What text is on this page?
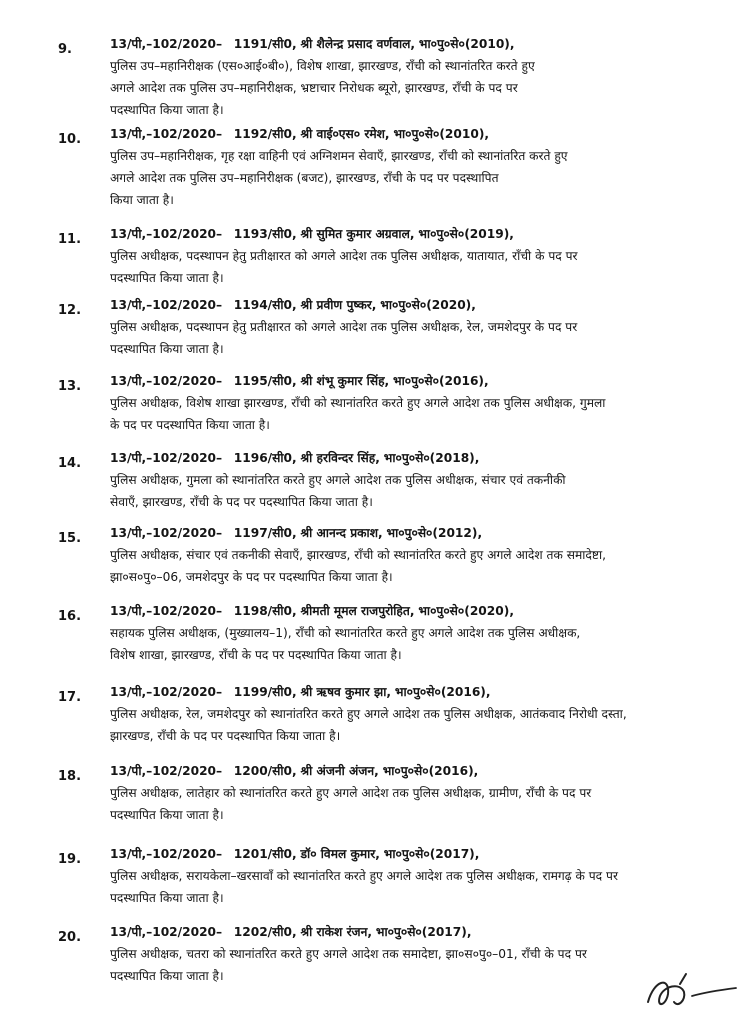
9.	13/पी,–102/2020– 1191/सी0, श्री शैलेन्द्र प्रसाद वर्णवाल, भा०पु०से०(2010),
पुलिस उप–महानिरीक्षक (एस०आई०बी०), विशेष शाखा, झारखण्ड, राँची को स्थानांतरित करते हुए
अगले आदेश तक पुलिस उप–महानिरीक्षक, भ्रष्टाचार निरोधक ब्यूरो, झारखण्ड, राँची के पद पर
पदस्थापित किया जाता है।
10. 13/पी,–102/2020– 1192/सी0, श्री वाई०एस० रमेश, भा०पु०से०(2010),
पुलिस उप–महानिरीक्षक, गृह रक्षा वाहिनी एवं अग्निशमन सेवाएँ, झारखण्ड, राँची को स्थानांतरित करते हुए
अगले आदेश तक पुलिस उप–महानिरीक्षक (बजट), झारखण्ड, राँची के पद पर पदस्थापित
किया जाता है।
11. 13/पी,–102/2020– 1193/सी0, श्री सुमित कुमार अग्रवाल, भा०पु०से०(2019),
पुलिस अधीक्षक, पदस्थापन हेतु प्रतीक्षारत को अगले आदेश तक पुलिस अधीक्षक, यातायात, राँची के पद पर
पदस्थापित किया जाता है।
12. 13/पी,–102/2020– 1194/सी0, श्री प्रवीण पुष्कर, भा०पु०से०(2020),
पुलिस अधीक्षक, पदस्थापन हेतु प्रतीक्षारत को अगले आदेश तक पुलिस अधीक्षक, रेल, जमशेदपुर के पद पर
पदस्थापित किया जाता है।
13. 13/पी,–102/2020– 1195/सी0, श्री शंभू कुमार सिंह, भा०पु०से०(2016),
पुलिस अधीक्षक, विशेष शाखा झारखण्ड, राँची को स्थानांतरित करते हुए अगले आदेश तक पुलिस अधीक्षक, गुमला
के पद पर पदस्थापित किया जाता है।
14. 13/पी,–102/2020– 1196/सी0, श्री हरविन्दर सिंह, भा०पु०से०(2018),
पुलिस अधीक्षक, गुमला को स्थानांतरित करते हुए अगले आदेश तक पुलिस अधीक्षक, संचार एवं तकनीकी
सेवाएँ, झारखण्ड, राँची के पद पर पदस्थापित किया जाता है।
15. 13/पी,–102/2020– 1197/सी0, श्री आनन्द प्रकाश, भा०पु०से०(2012),
पुलिस अधीक्षक, संचार एवं तकनीकी सेवाएँ, झारखण्ड, राँची को स्थानांतरित करते हुए अगले आदेश तक समादेष्टा,
झा०स०पु०–06, जमशेदपुर के पद पर पदस्थापित किया जाता है।
16. 13/पी,–102/2020– 1198/सी0, श्रीमती मूमल राजपुरोहित, भा०पु०से०(2020),
सहायक पुलिस अधीक्षक, (मुख्यालय–1), राँची को स्थानांतरित करते हुए अगले आदेश तक पुलिस अधीक्षक,
विशेष शाखा, झारखण्ड, राँची के पद पर पदस्थापित किया जाता है।
17. 13/पी,–102/2020– 1199/सी0, श्री ऋषव कुमार झा, भा०पु०से०(2016),
पुलिस अधीक्षक, रेल, जमशेदपुर को स्थानांतरित करते हुए अगले आदेश तक पुलिस अधीक्षक, आतंकवाद निरोधी दस्ता,
झारखण्ड, राँची के पद पर पदस्थापित किया जाता है।
18. 13/पी,–102/2020– 1200/सी0, श्री अंजनी अंजन, भा०पु०से०(2016),
पुलिस अधीक्षक, लातेहार को स्थानांतरित करते हुए अगले आदेश तक पुलिस अधीक्षक, ग्रामीण, राँची के पद पर
पदस्थापित किया जाता है।
19. 13/पी,–102/2020– 1201/सी0, डॉ० विमल कुमार, भा०पु०से०(2017),
पुलिस अधीक्षक, सरायकेला–खरसावाँ को स्थानांतरित करते हुए अगले आदेश तक पुलिस अधीक्षक, रामगढ़ के पद पर
पदस्थापित किया जाता है।
20. 13/पी,–102/2020– 1202/सी0, श्री राकेश रंजन, भा०पु०से०(2017),
पुलिस अधीक्षक, चतरा को स्थानांतरित करते हुए अगले आदेश तक समादेष्टा, झा०स०पु०–01, राँची के पद पर
पदस्थापित किया जाता है।
